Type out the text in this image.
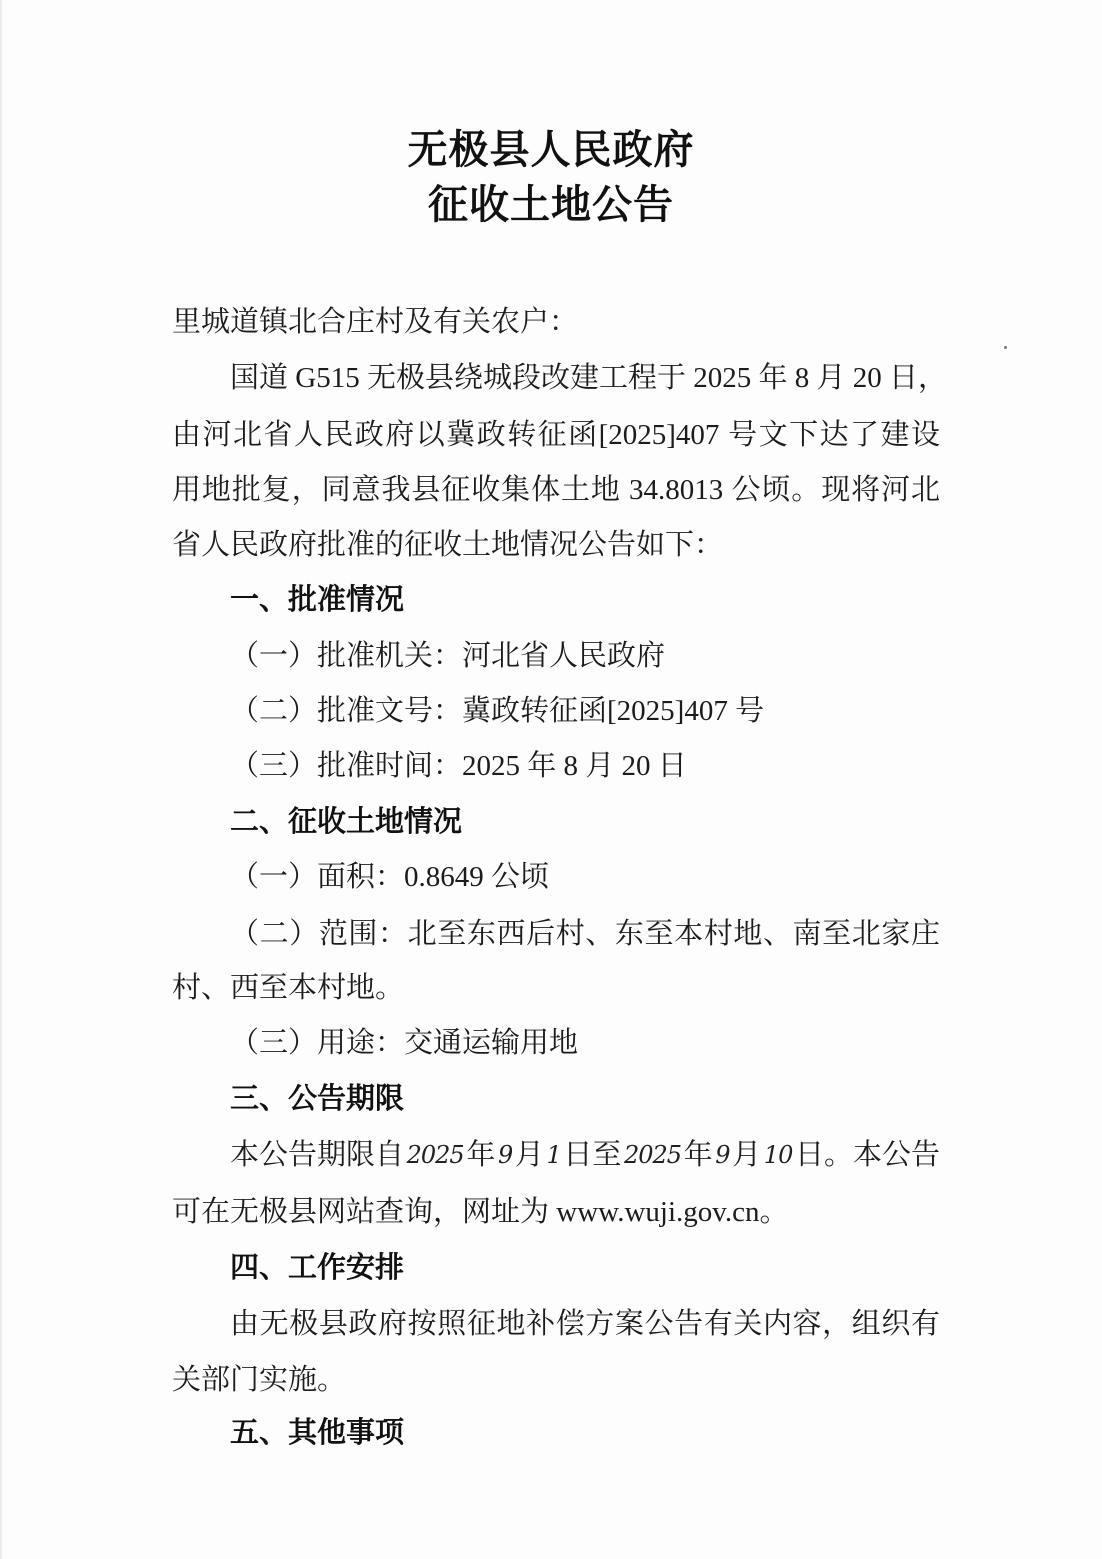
无极县人民政府
征收土地公告
里城道镇北合庄村及有关农户：
国道 G515 无极县绕城段改建工程于 2025 年 8 月 20 日，
由河北省人民政府以冀政转征函[2025]407 号文下达了建设
用地批复，同意我县征收集体土地 34.8013 公顷。现将河北
省人民政府批准的征收土地情况公告如下：
一、批准情况
（一）批准机关：河北省人民政府
（二）批准文号：冀政转征函[2025]407 号
（三）批准时间：2025 年 8 月 20 日
二、征收土地情况
（一）面积：0.8649 公顷
（二）范围：北至东西后村、东至本村地、南至北家庄
村、西至本村地。
（三）用途：交通运输用地
三、公告期限
本公告期限自 2025 年 9 月 1 日至 2025 年 9 月 10 日。本公告
可在无极县网站查询，网址为 www.wuji.gov.cn。
四、工作安排
由无极县政府按照征地补偿方案公告有关内容，组织有
关部门实施。
五、其他事项
